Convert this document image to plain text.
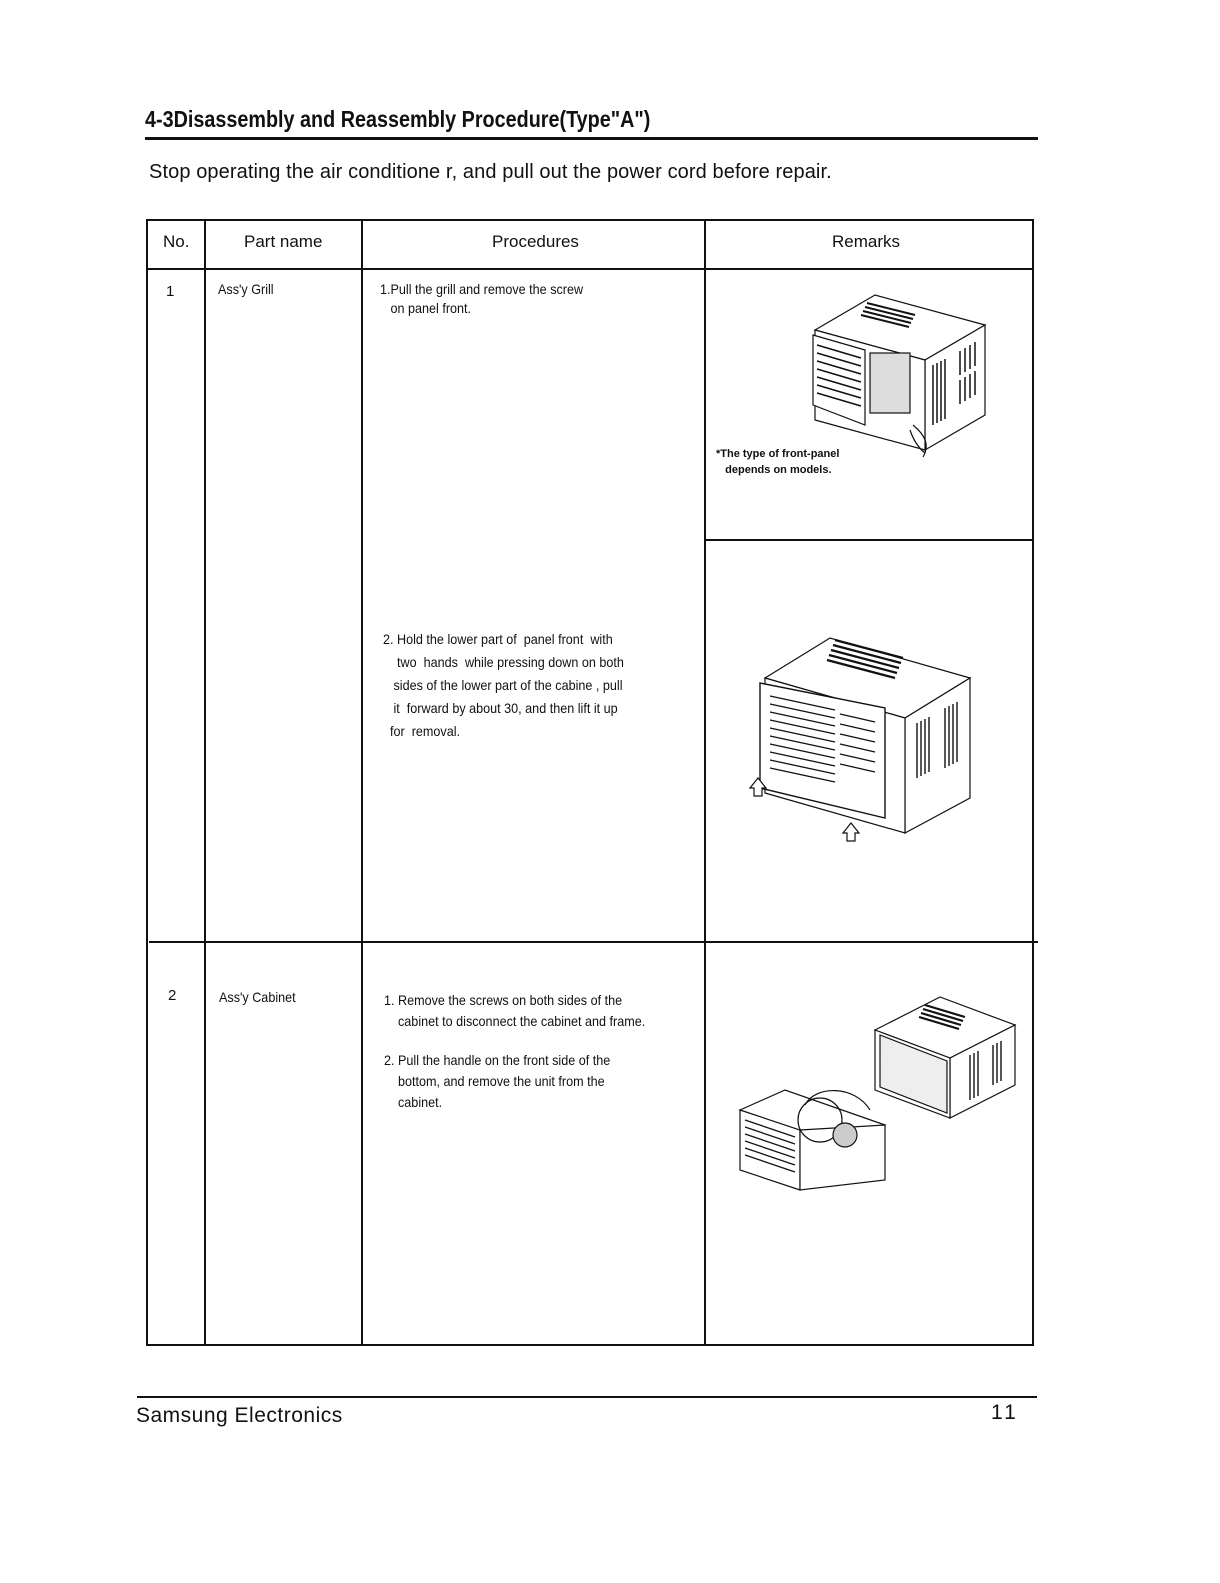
4-3Disassembly and Reassembly Procedure(Type"A")
Stop operating the air conditione r, and pull out the power cord before repair.
No.	Part name	Procedures	Remarks
1	Ass'y Grill	1.Pull the grill and remove the screw
on panel front.
2. Hold the lower part of  panel front  with
two  hands  while pressing down on both
sides of the lower part of the cabine , pull
it  forward by about 30, and then lift it up
for  removal.
*The type of front-panel
depends on models.
2	Ass'y Cabinet	1. Remove the screws on both sides of the
cabinet to disconnect the cabinet and frame.
2. Pull the handle on the front side of the
bottom, and remove the unit from the
cabinet.
Samsung Electronics	11
